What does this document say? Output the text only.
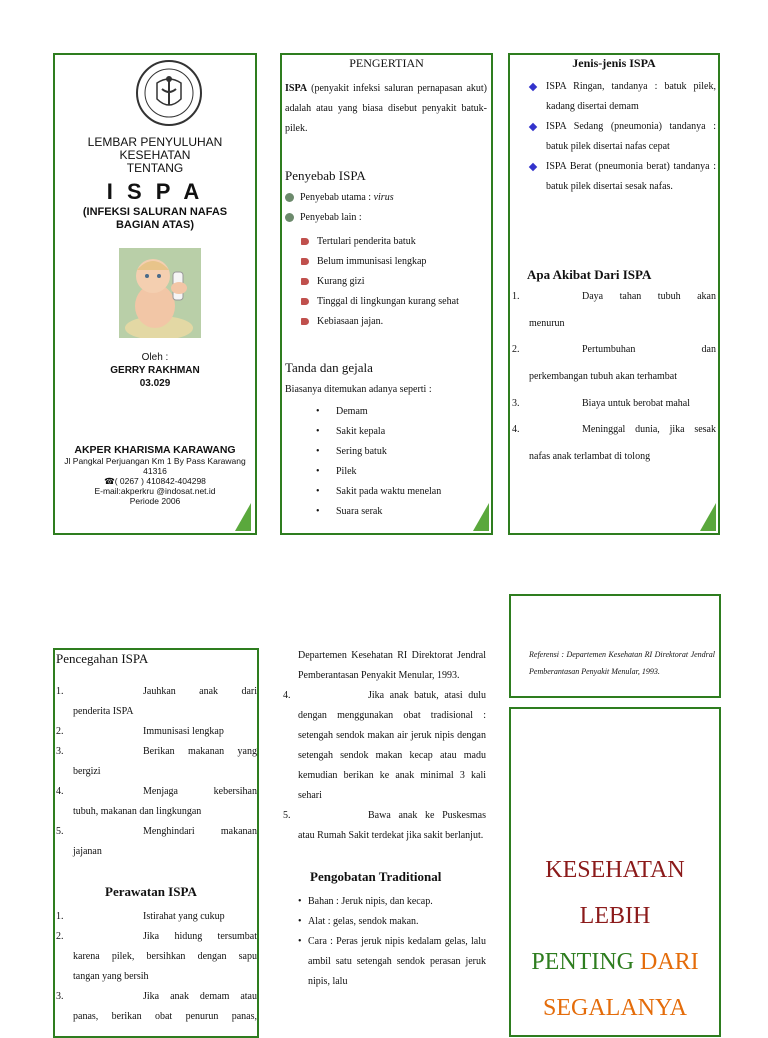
LEMBAR PENYULUHAN
KESEHATAN
TENTANG
I S P A
(INFEKSI SALURAN NAFAS
BAGIAN ATAS)
Oleh :
GERRY RAKHMAN
03.029
AKPER KHARISMA KARAWANG
Jl Pangkal Perjuangan Km 1 By Pass Karawang
41316
☎( 0267 ) 410842-404298
E-mail:akperkru @indosat.net.id
Periode 2006
PENGERTIAN
ISPA (penyakit infeksi saluran pernapasan akut) adalah atau yang biasa disebut penyakit batuk-pilek.
Penyebab ISPA
Penyebab utama : virus
Penyebab lain :
Tertulari penderita batuk
Belum immunisasi lengkap
Kurang gizi
Tinggal di lingkungan kurang sehat
Kebiasaan jajan.
Tanda dan gejala
Biasanya ditemukan adanya seperti :
• Demam
• Sakit kepala
• Sering batuk
• Pilek
• Sakit pada waktu menelan
• Suara serak
Jenis-jenis ISPA
ISPA Ringan, tandanya : batuk pilek, kadang disertai demam
ISPA Sedang (pneumonia) tandanya : batuk pilek disertai nafas cepat
ISPA Berat (pneumonia berat) tandanya : batuk pilek disertai sesak nafas.
Apa Akibat Dari ISPA
1.	Daya tahan tubuh akan
menurun
2.	Pertumbuhan dan
perkembangan tubuh akan terhambat
3.	Biaya untuk berobat mahal
4.	Meninggal dunia, jika sesak
nafas anak terlambat di tolong
Pencegahan ISPA
1.	Jauhkan anak dari
penderita ISPA
2.	Immunisasi lengkap
3.	Berikan makanan yang
bergizi
4.	Menjaga kebersihan
tubuh, makanan dan lingkungan
5.	Menghindari makanan
jajanan
Perawatan ISPA
1.	Istirahat yang cukup
2.	Jika hidung tersumbat
karena pilek, bersihkan dengan sapu
tangan yang bersih
3.	Jika anak demam atau
panas, berikan obat penurun panas,
Departemen Kesehatan RI Direktorat Jendral Pemberantasan Penyakit Menular, 1993.
4.	Jika anak batuk, atasi dulu dengan menggunakan obat tradisional : setengah sendok makan air jeruk nipis dengan setengah sendok makan kecap atau madu kemudian berikan ke anak minimal 3 kali sehari
5.	Bawa anak ke Puskesmas atau Rumah Sakit terdekat jika sakit berlanjut.
Pengobatan Traditional
• Bahan : Jeruk nipis, dan kecap.
• Alat : gelas, sendok makan.
• Cara : Peras jeruk nipis kedalam gelas, lalu ambil satu setengah sendok perasan jeruk nipis, lalu
Referensi : Departemen Kesehatan RI Direktorat Jendral Pemberantasan Penyakit Menular, 1993.
KESEHATAN
LEBIH
PENTING DARI
SEGALANYA
